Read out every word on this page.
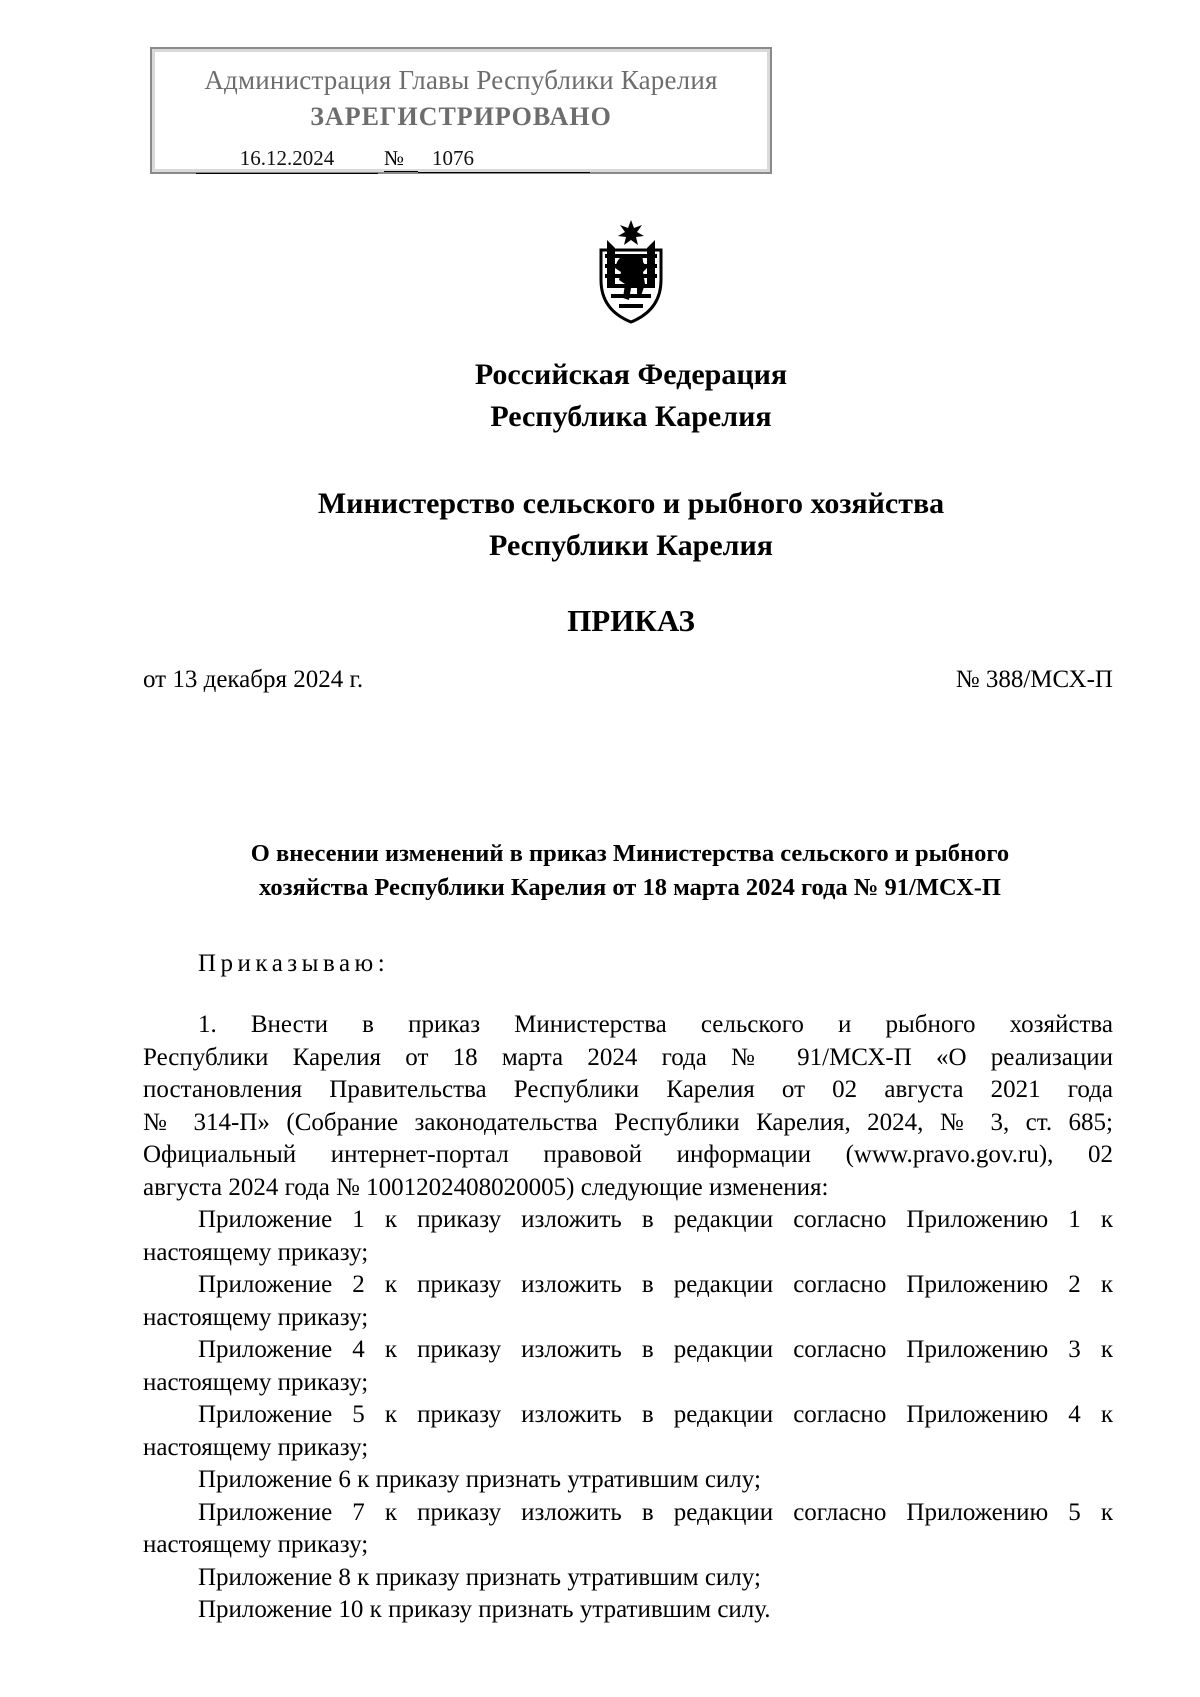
Администрация Главы Республики Карелия
ЗАРЕГИСТРИРОВАНО
16.12.2024	№	1076
Российская Федерация
Республика Карелия
Министерство сельского и рыбного хозяйства
Республики Карелия
ПРИКАЗ
от 13 декабря 2024 г.	№ 388/МСХ-П
О внесении изменений в приказ Министерства сельского и рыбного
хозяйства Республики Карелия от 18 марта 2024 года № 91/МСХ-П
Приказываю:
1. Внести в приказ Министерства сельского и рыбного хозяйства
Республики Карелия от 18 марта 2024 года № 91/МСХ-П «О реализации
постановления Правительства Республики Карелия от 02 августа 2021 года
№ 314-П» (Собрание законодательства Республики Карелия, 2024, № 3, ст. 685;
Официальный интернет-портал правовой информации (www.pravo.gov.ru), 02
августа 2024 года № 1001202408020005) следующие изменения:
Приложение 1 к приказу изложить в редакции согласно Приложению 1 к
настоящему приказу;
Приложение 2 к приказу изложить в редакции согласно Приложению 2 к
настоящему приказу;
Приложение 4 к приказу изложить в редакции согласно Приложению 3 к
настоящему приказу;
Приложение 5 к приказу изложить в редакции согласно Приложению 4 к
настоящему приказу;
Приложение 6 к приказу признать утратившим силу;
Приложение 7 к приказу изложить в редакции согласно Приложению 5 к
настоящему приказу;
Приложение 8 к приказу признать утратившим силу;
Приложение 10 к приказу признать утратившим силу.
